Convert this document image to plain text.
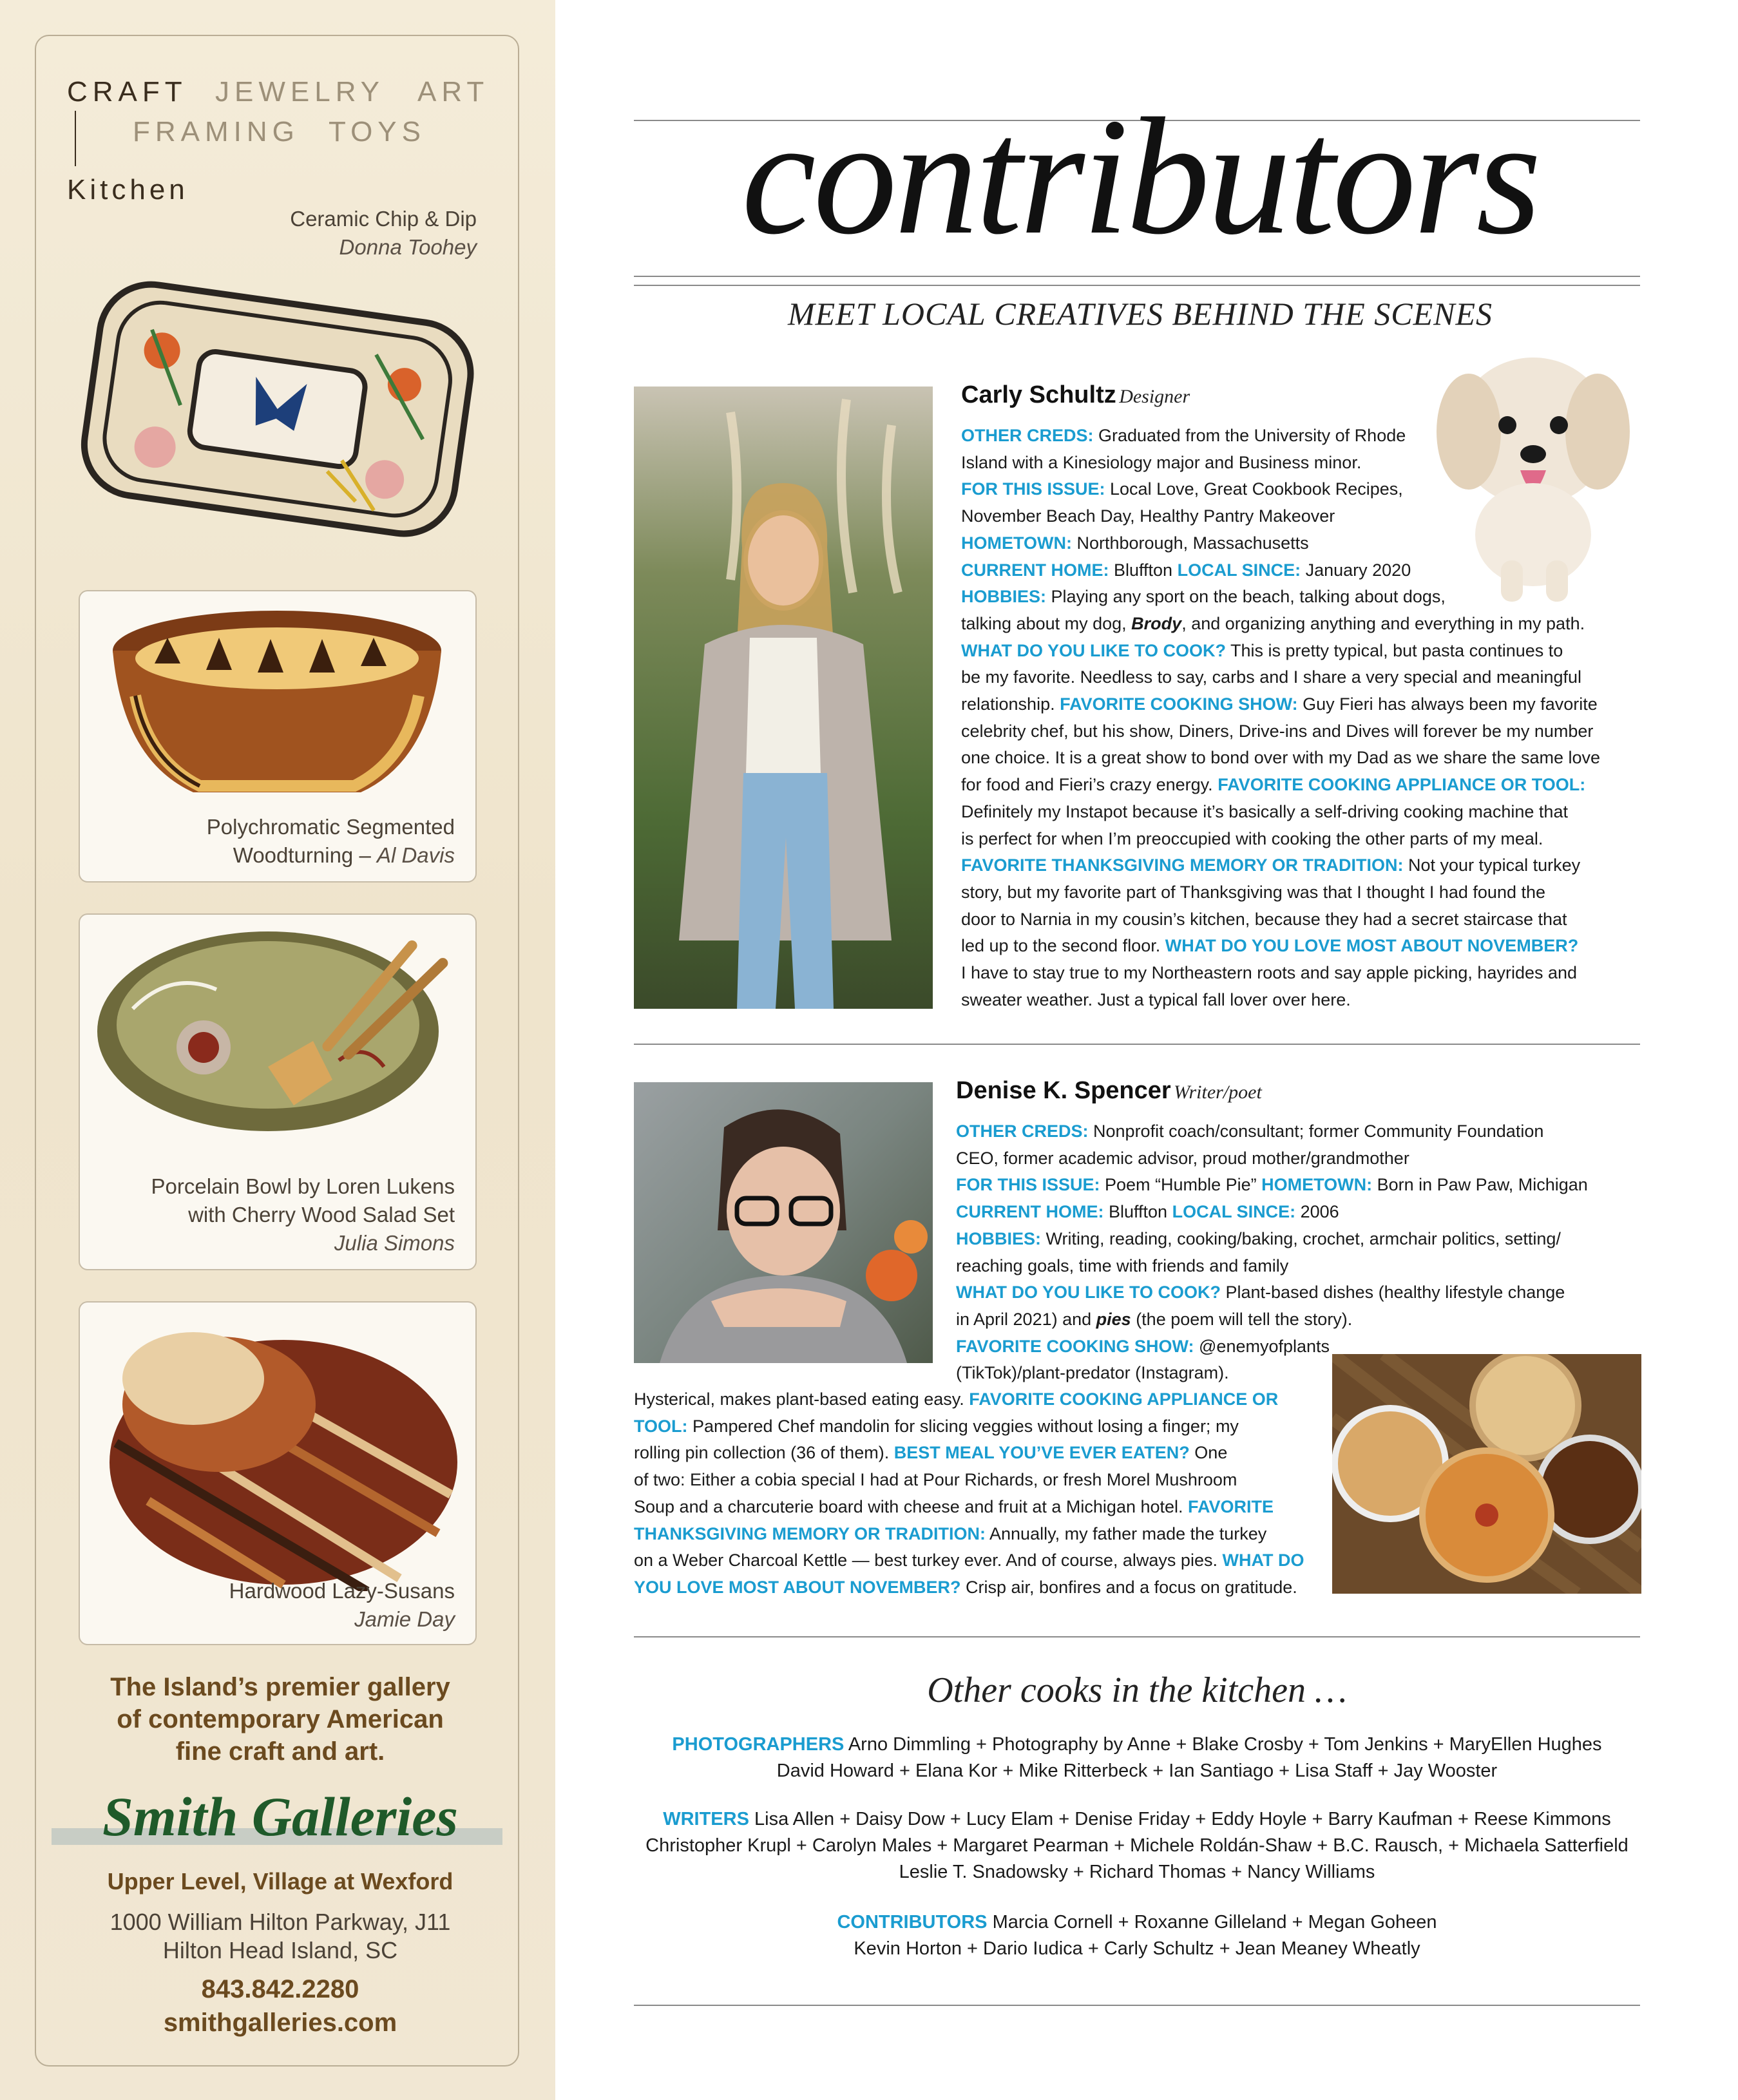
CRAFT JEWELRY ART
FRAMING TOYS
Kitchen
Ceramic Chip & Dip
Donna Toohey
Polychromatic Segmented
Woodturning – Al Davis
Porcelain Bowl by Loren Lukens
with Cherry Wood Salad Set
Julia Simons
Hardwood Lazy-Susans
Jamie Day
The Island’s premier gallery
of contemporary American
fine craft and art.
Smith Galleries
Upper Level, Village at Wexford
1000 William Hilton Parkway, J11
Hilton Head Island, SC
843.842.2280
smithgalleries.com
contributors
MEET LOCAL CREATIVES BEHIND THE SCENES
Carly Schultz Designer
OTHER CREDS: Graduated from the University of Rhode
Island with a Kinesiology major and Business minor.
FOR THIS ISSUE: Local Love, Great Cookbook Recipes,
November Beach Day, Healthy Pantry Makeover
HOMETOWN: Northborough, Massachusetts
CURRENT HOME: Bluffton LOCAL SINCE: January 2020
HOBBIES: Playing any sport on the beach, talking about dogs,
talking about my dog, Brody, and organizing anything and everything in my path.
WHAT DO YOU LIKE TO COOK? This is pretty typical, but pasta continues to
be my favorite. Needless to say, carbs and I share a very special and meaningful
relationship. FAVORITE COOKING SHOW: Guy Fieri has always been my favorite
celebrity chef, but his show, Diners, Drive-ins and Dives will forever be my number
one choice. It is a great show to bond over with my Dad as we share the same love
for food and Fieri’s crazy energy. FAVORITE COOKING APPLIANCE OR TOOL:
Definitely my Instapot because it’s basically a self-driving cooking machine that
is perfect for when I’m preoccupied with cooking the other parts of my meal.
FAVORITE THANKSGIVING MEMORY OR TRADITION: Not your typical turkey
story, but my favorite part of Thanksgiving was that I thought I had found the
door to Narnia in my cousin’s kitchen, because they had a secret staircase that
led up to the second floor. WHAT DO YOU LOVE MOST ABOUT NOVEMBER?
I have to stay true to my Northeastern roots and say apple picking, hayrides and
sweater weather. Just a typical fall lover over here.
Denise K. Spencer Writer/poet
OTHER CREDS: Nonprofit coach/consultant; former Community Foundation
CEO, former academic advisor, proud mother/grandmother
FOR THIS ISSUE: Poem “Humble Pie” HOMETOWN: Born in Paw Paw, Michigan
CURRENT HOME: Bluffton LOCAL SINCE: 2006
HOBBIES: Writing, reading, cooking/baking, crochet, armchair politics, setting/
reaching goals, time with friends and family
WHAT DO YOU LIKE TO COOK? Plant-based dishes (healthy lifestyle change
in April 2021) and pies (the poem will tell the story).
FAVORITE COOKING SHOW: @enemyofplants
(TikTok)/plant-predator (Instagram).
Hysterical, makes plant-based eating easy. FAVORITE COOKING APPLIANCE OR
TOOL: Pampered Chef mandolin for slicing veggies without losing a finger; my
rolling pin collection (36 of them). BEST MEAL YOU’VE EVER EATEN? One
of two: Either a cobia special I had at Pour Richards, or fresh Morel Mushroom
Soup and a charcuterie board with cheese and fruit at a Michigan hotel. FAVORITE
THANKSGIVING MEMORY OR TRADITION: Annually, my father made the turkey
on a Weber Charcoal Kettle — best turkey ever. And of course, always pies. WHAT DO
YOU LOVE MOST ABOUT NOVEMBER? Crisp air, bonfires and a focus on gratitude.
Other cooks in the kitchen …
PHOTOGRAPHERS Arno Dimmling + Photography by Anne + Blake Crosby + Tom Jenkins + MaryEllen Hughes
David Howard + Elana Kor + Mike Ritterbeck + Ian Santiago + Lisa Staff + Jay Wooster
WRITERS Lisa Allen + Daisy Dow + Lucy Elam + Denise Friday + Eddy Hoyle + Barry Kaufman + Reese Kimmons
Christopher Krupl + Carolyn Males + Margaret Pearman + Michele Roldán-Shaw + B.C. Rausch, + Michaela Satterfield
Leslie T. Snadowsky + Richard Thomas + Nancy Williams
CONTRIBUTORS Marcia Cornell + Roxanne Gilleland + Megan Goheen
Kevin Horton + Dario Iudica + Carly Schultz + Jean Meaney Wheatly
